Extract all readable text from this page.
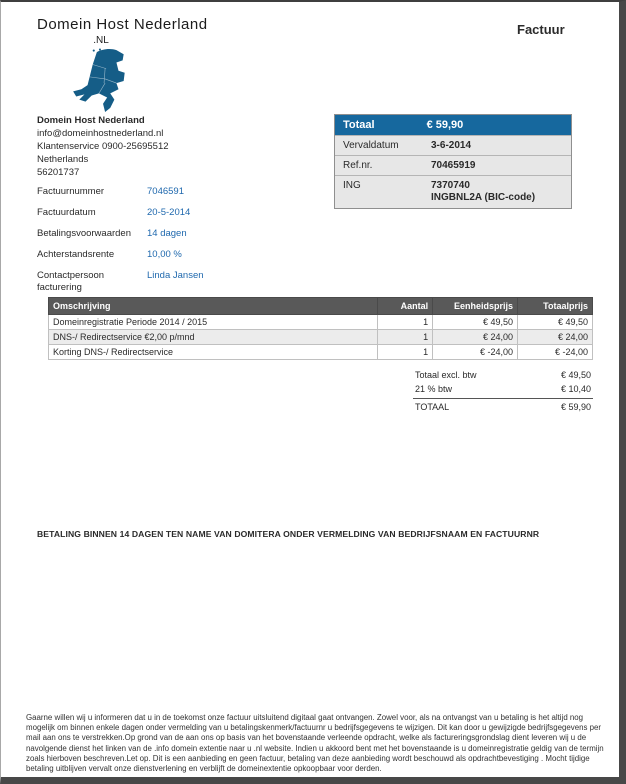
Domein Host Nederland
.NL
Factuur
Domein Host Nederland
info@domeinhostnederland.nl
Klantenservice 0900-25695512
Netherlands
56201737
Factuurnummer	7046591
Factuurdatum	20-5-2014
Betalingsvoorwaarden	14 dagen
Achterstandsrente	10,00 %
Contactpersoon facturering
Linda Jansen
Totaal	€ 59,90
Vervaldatum	3-6-2014
Ref.nr.	70465919
ING	7370740
INGBNL2A (BIC-code)
Omschrijving	Aantal	Eenheidsprijs	Totaalprijs
Domeinregistratie Periode 2014 / 2015	1	€ 49,50	€ 49,50
DNS-/ Redirectservice €2,00 p/mnd	1	€ 24,00	€ 24,00
Korting DNS-/ Redirectservice	1	€ -24,00	€ -24,00
Totaal excl. btw	€ 49,50
21 % btw	€ 10,40
TOTAAL	€ 59,90
BETALING BINNEN 14 DAGEN TEN NAME VAN DOMITERA ONDER VERMELDING VAN BEDRIJFSNAAM EN FACTUURNR
Gaarne willen wij u informeren dat u in de toekomst onze factuur uitsluitend digitaal gaat ontvangen. Zowel voor, als na ontvangst van u betaling is het altijd nog mogelijk om binnen enkele dagen onder vermelding van u betalingskenmerk/factuurnr u bedrijfsgegevens te wijzigen. Dit kan door u gewijzigde bedrijfsgegevens per mail aan ons te verstrekken.Op grond van de aan ons op basis van het bovenstaande verleende opdracht, welke als factureringsgrondslag dient leveren wij u de navolgende dienst het linken van de .info domein extentie naar u .nl website. Indien u akkoord bent met het bovenstaande is u domeinregistratie geldig van de termijn zoals hierboven beschreven.Let op. Dit is een aanbieding en geen factuur, betaling van deze aanbieding wordt beschouwd als opdrachtbevestiging . Mocht tijdige betaling uitblijven vervalt onze dienstverlening en verblijft de domeinextentie opkoopbaar voor derden.
